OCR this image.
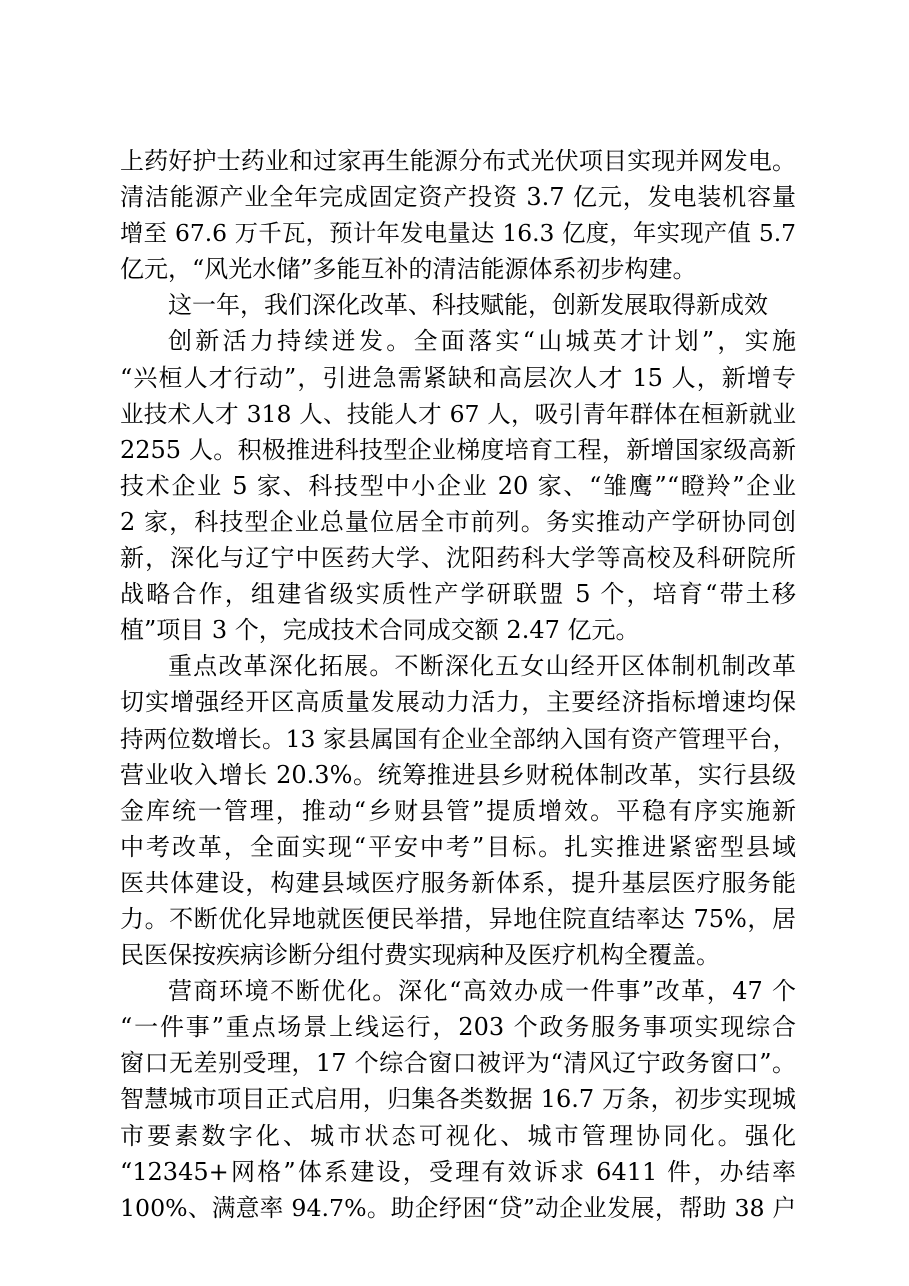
上药好护士药业和过家再生能源分布式光伏项目实现并网发电。
清洁能源产业全年完成固定资产投资 3.7 亿元，发电装机容量
增至 67.6 万千瓦，预计年发电量达 16.3 亿度，年实现产值 5.7
亿元，“风光水储”多能互补的清洁能源体系初步构建。
这一年，我们深化改革、科技赋能，创新发展取得新成效
创新活力持续迸发。全面落实“山城英才计划”，实施
“兴桓人才行动”，引进急需紧缺和高层次人才 15 人，新增专
业技术人才 318 人、技能人才 67 人，吸引青年群体在桓新就业
2255 人。积极推进科技型企业梯度培育工程，新增国家级高新
技术企业 5 家、科技型中小企业 20 家、“雏鹰”“瞪羚”企业
2 家，科技型企业总量位居全市前列。务实推动产学研协同创
新，深化与辽宁中医药大学、沈阳药科大学等高校及科研院所
战略合作，组建省级实质性产学研联盟 5 个，培育“带土移
植”项目 3 个，完成技术合同成交额 2.47 亿元。
重点改革深化拓展。不断深化五女山经开区体制机制改革
切实增强经开区高质量发展动力活力，主要经济指标增速均保
持两位数增长。13 家县属国有企业全部纳入国有资产管理平台，
营业收入增长 20.3%。统筹推进县乡财税体制改革，实行县级
金库统一管理，推动“乡财县管”提质增效。平稳有序实施新
中考改革，全面实现“平安中考”目标。扎实推进紧密型县域
医共体建设，构建县域医疗服务新体系，提升基层医疗服务能
力。不断优化异地就医便民举措，异地住院直结率达 75%，居
民医保按疾病诊断分组付费实现病种及医疗机构全覆盖。
营商环境不断优化。深化“高效办成一件事”改革，47 个
“一件事”重点场景上线运行，203 个政务服务事项实现综合
窗口无差别受理，17 个综合窗口被评为“清风辽宁政务窗口”。
智慧城市项目正式启用，归集各类数据 16.7 万条，初步实现城
市要素数字化、城市状态可视化、城市管理协同化。强化
“12345+网格”体系建设，受理有效诉求 6411 件，办结率
100%、满意率 94.7%。助企纾困“贷”动企业发展，帮助 38 户
